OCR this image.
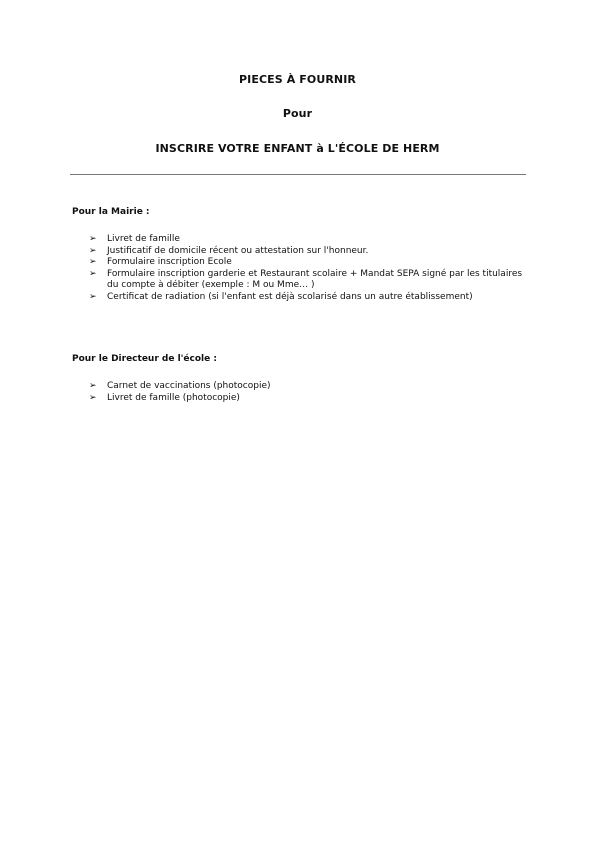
PIECES À FOURNIR
Pour
INSCRIRE VOTRE ENFANT à L'ÉCOLE DE HERM
Pour la Mairie :
➢ Livret de famille
➢ Justificatif de domicile récent ou attestation sur l'honneur.
➢ Formulaire inscription Ecole
➢ Formulaire inscription garderie et Restaurant scolaire + Mandat SEPA signé par les titulaires du compte à débiter (exemple : M ou Mme… )
➢ Certificat de radiation (si l'enfant est déjà scolarisé dans un autre établissement)
Pour le Directeur de l'école :
➢ Carnet de vaccinations (photocopie)
➢ Livret de famille (photocopie)
